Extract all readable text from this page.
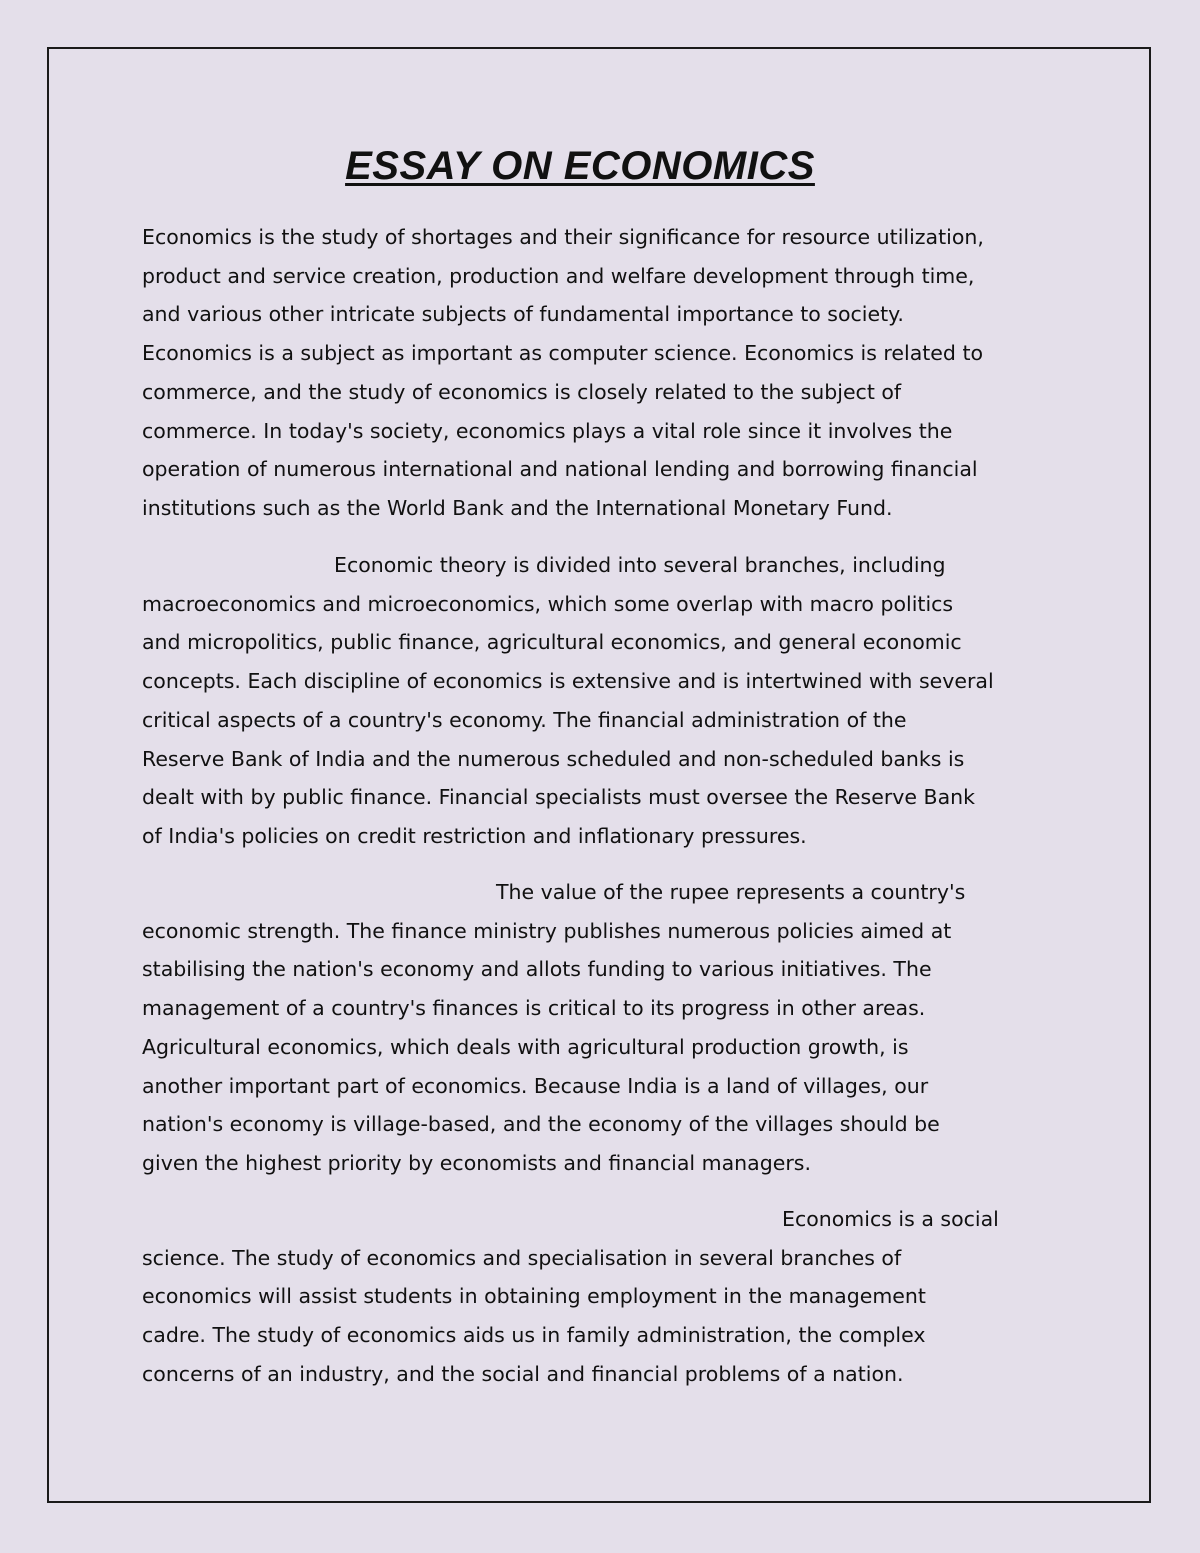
ESSAY ON ECONOMICS
Economics is the study of shortages and their significance for resource utilization,
product and service creation, production and welfare development through time,
and various other intricate subjects of fundamental importance to society.
Economics is a subject as important as computer science. Economics is related to
commerce, and the study of economics is closely related to the subject of
commerce. In today's society, economics plays a vital role since it involves the
operation of numerous international and national lending and borrowing financial
institutions such as the World Bank and the International Monetary Fund.
Economic theory is divided into several branches, including
macroeconomics and microeconomics, which some overlap with macro politics
and micropolitics, public finance, agricultural economics, and general economic
concepts. Each discipline of economics is extensive and is intertwined with several
critical aspects of a country's economy. The financial administration of the
Reserve Bank of India and the numerous scheduled and non-scheduled banks is
dealt with by public finance. Financial specialists must oversee the Reserve Bank
of India's policies on credit restriction and inflationary pressures.
The value of the rupee represents a country's
economic strength. The finance ministry publishes numerous policies aimed at
stabilising the nation's economy and allots funding to various initiatives. The
management of a country's finances is critical to its progress in other areas.
Agricultural economics, which deals with agricultural production growth, is
another important part of economics. Because India is a land of villages, our
nation's economy is village-based, and the economy of the villages should be
given the highest priority by economists and financial managers.
Economics is a social
science. The study of economics and specialisation in several branches of
economics will assist students in obtaining employment in the management
cadre. The study of economics aids us in family administration, the complex
concerns of an industry, and the social and financial problems of a nation.
